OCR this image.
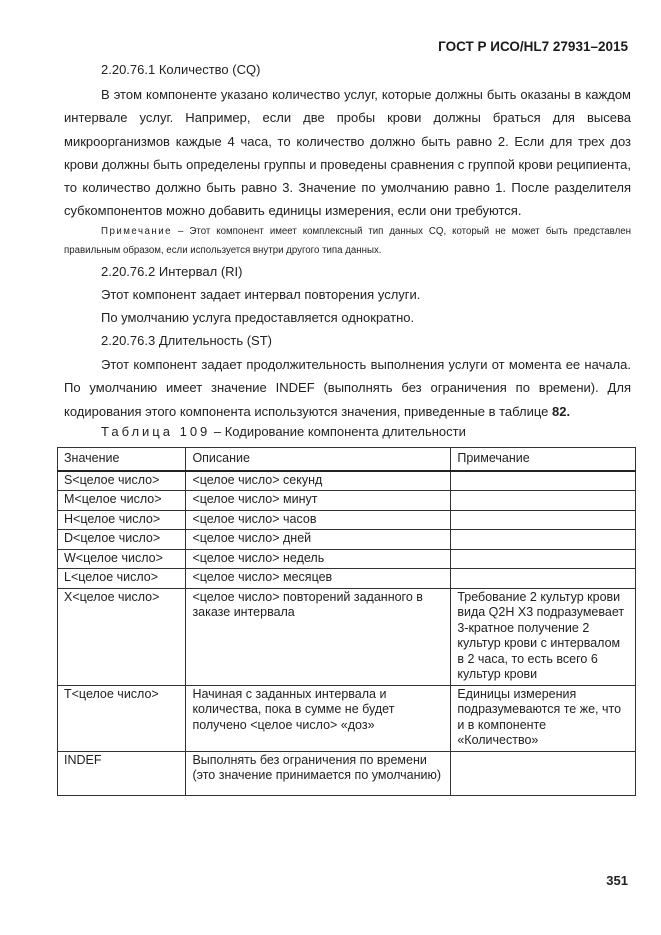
ГОСТ Р ИСО/HL7 27931–2015
2.20.76.1 Количество (CQ)
В этом компоненте указано количество услуг, которые должны быть оказаны в каждом интервале услуг. Например, если две пробы крови должны браться для высева микроорганизмов каждые 4 часа, то количество должно быть равно 2. Если для трех доз крови должны быть определены группы и проведены сравнения с группой крови реципиента, то количество должно быть равно 3. Значение по умолчанию равно 1. После разделителя субкомпонентов можно добавить единицы измерения, если они требуются.
Примечание – Этот компонент имеет комплексный тип данных CQ, который не может быть представлен правильным образом, если используется внутри другого типа данных.
2.20.76.2 Интервал (RI)
Этот компонент задает интервал повторения услуги.
По умолчанию услуга предоставляется однократно.
2.20.76.3 Длительность (ST)
Этот компонент задает продолжительность выполнения услуги от момента ее начала. По умолчанию имеет значение INDEF (выполнять без ограничения по времени). Для кодирования этого компонента используются значения, приведенные в таблице 82.
Таблица 109 – Кодирование компонента длительности
Значение	Описание	Примечание
S<целое число>	<целое число> секунд	
M<целое число>	<целое число> минут	
H<целое число>	<целое число> часов	
D<целое число>	<целое число> дней	
W<целое число>	<целое число> недель	
L<целое число>	<целое число> месяцев	
X<целое число>	<целое число> повторений заданного в заказе интервала	Требование 2 культур крови вида Q2H X3 подразумевает 3-кратное получение 2 культур крови с интервалом в 2 часа, то есть всего 6 культур крови
T<целое число>	Начиная с заданных интервала и количества, пока в сумме не будет получено <целое число> «доз»	Единицы измерения подразумеваются те же, что и в компоненте «Количество»
INDEF	Выполнять без ограничения по времени (это значение принимается по умолчанию)	
351
